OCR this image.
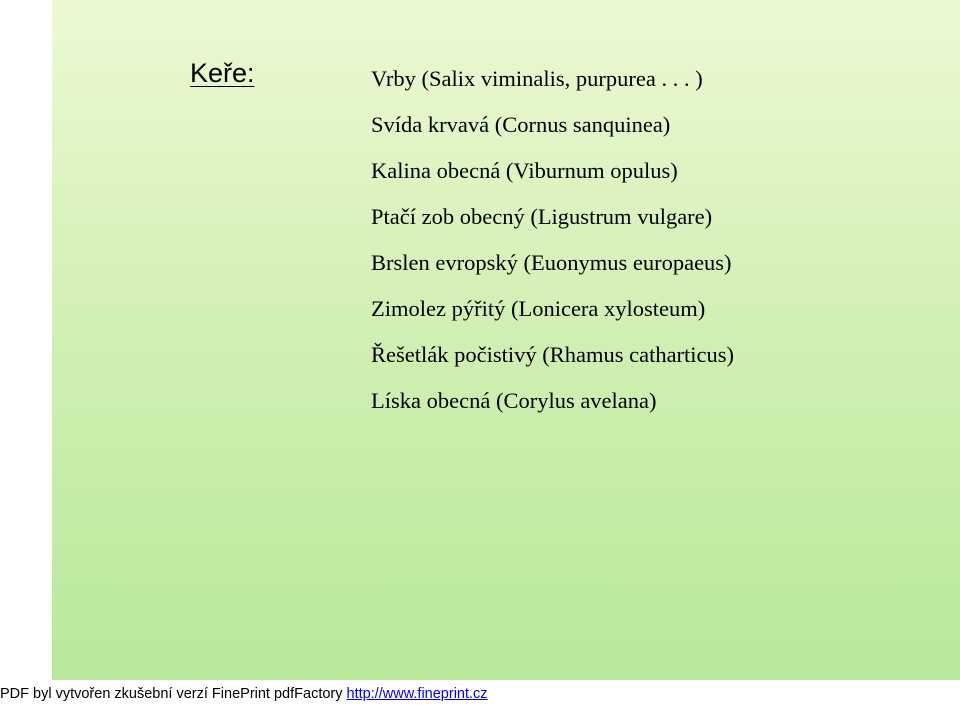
Keře:	Vrby (Salix viminalis, purpurea . . . )
Svída krvavá (Cornus sanquinea)
Kalina obecná (Viburnum opulus)
Ptačí zob obecný (Ligustrum vulgare)
Brslen evropský (Euonymus europaeus)
Zimolez pýřitý (Lonicera xylosteum)
Řešetlák počistivý (Rhamus catharticus)
Líska obecná (Corylus avelana)
PDF byl vytvořen zkušební verzí FinePrint pdfFactory http://www.fineprint.cz
